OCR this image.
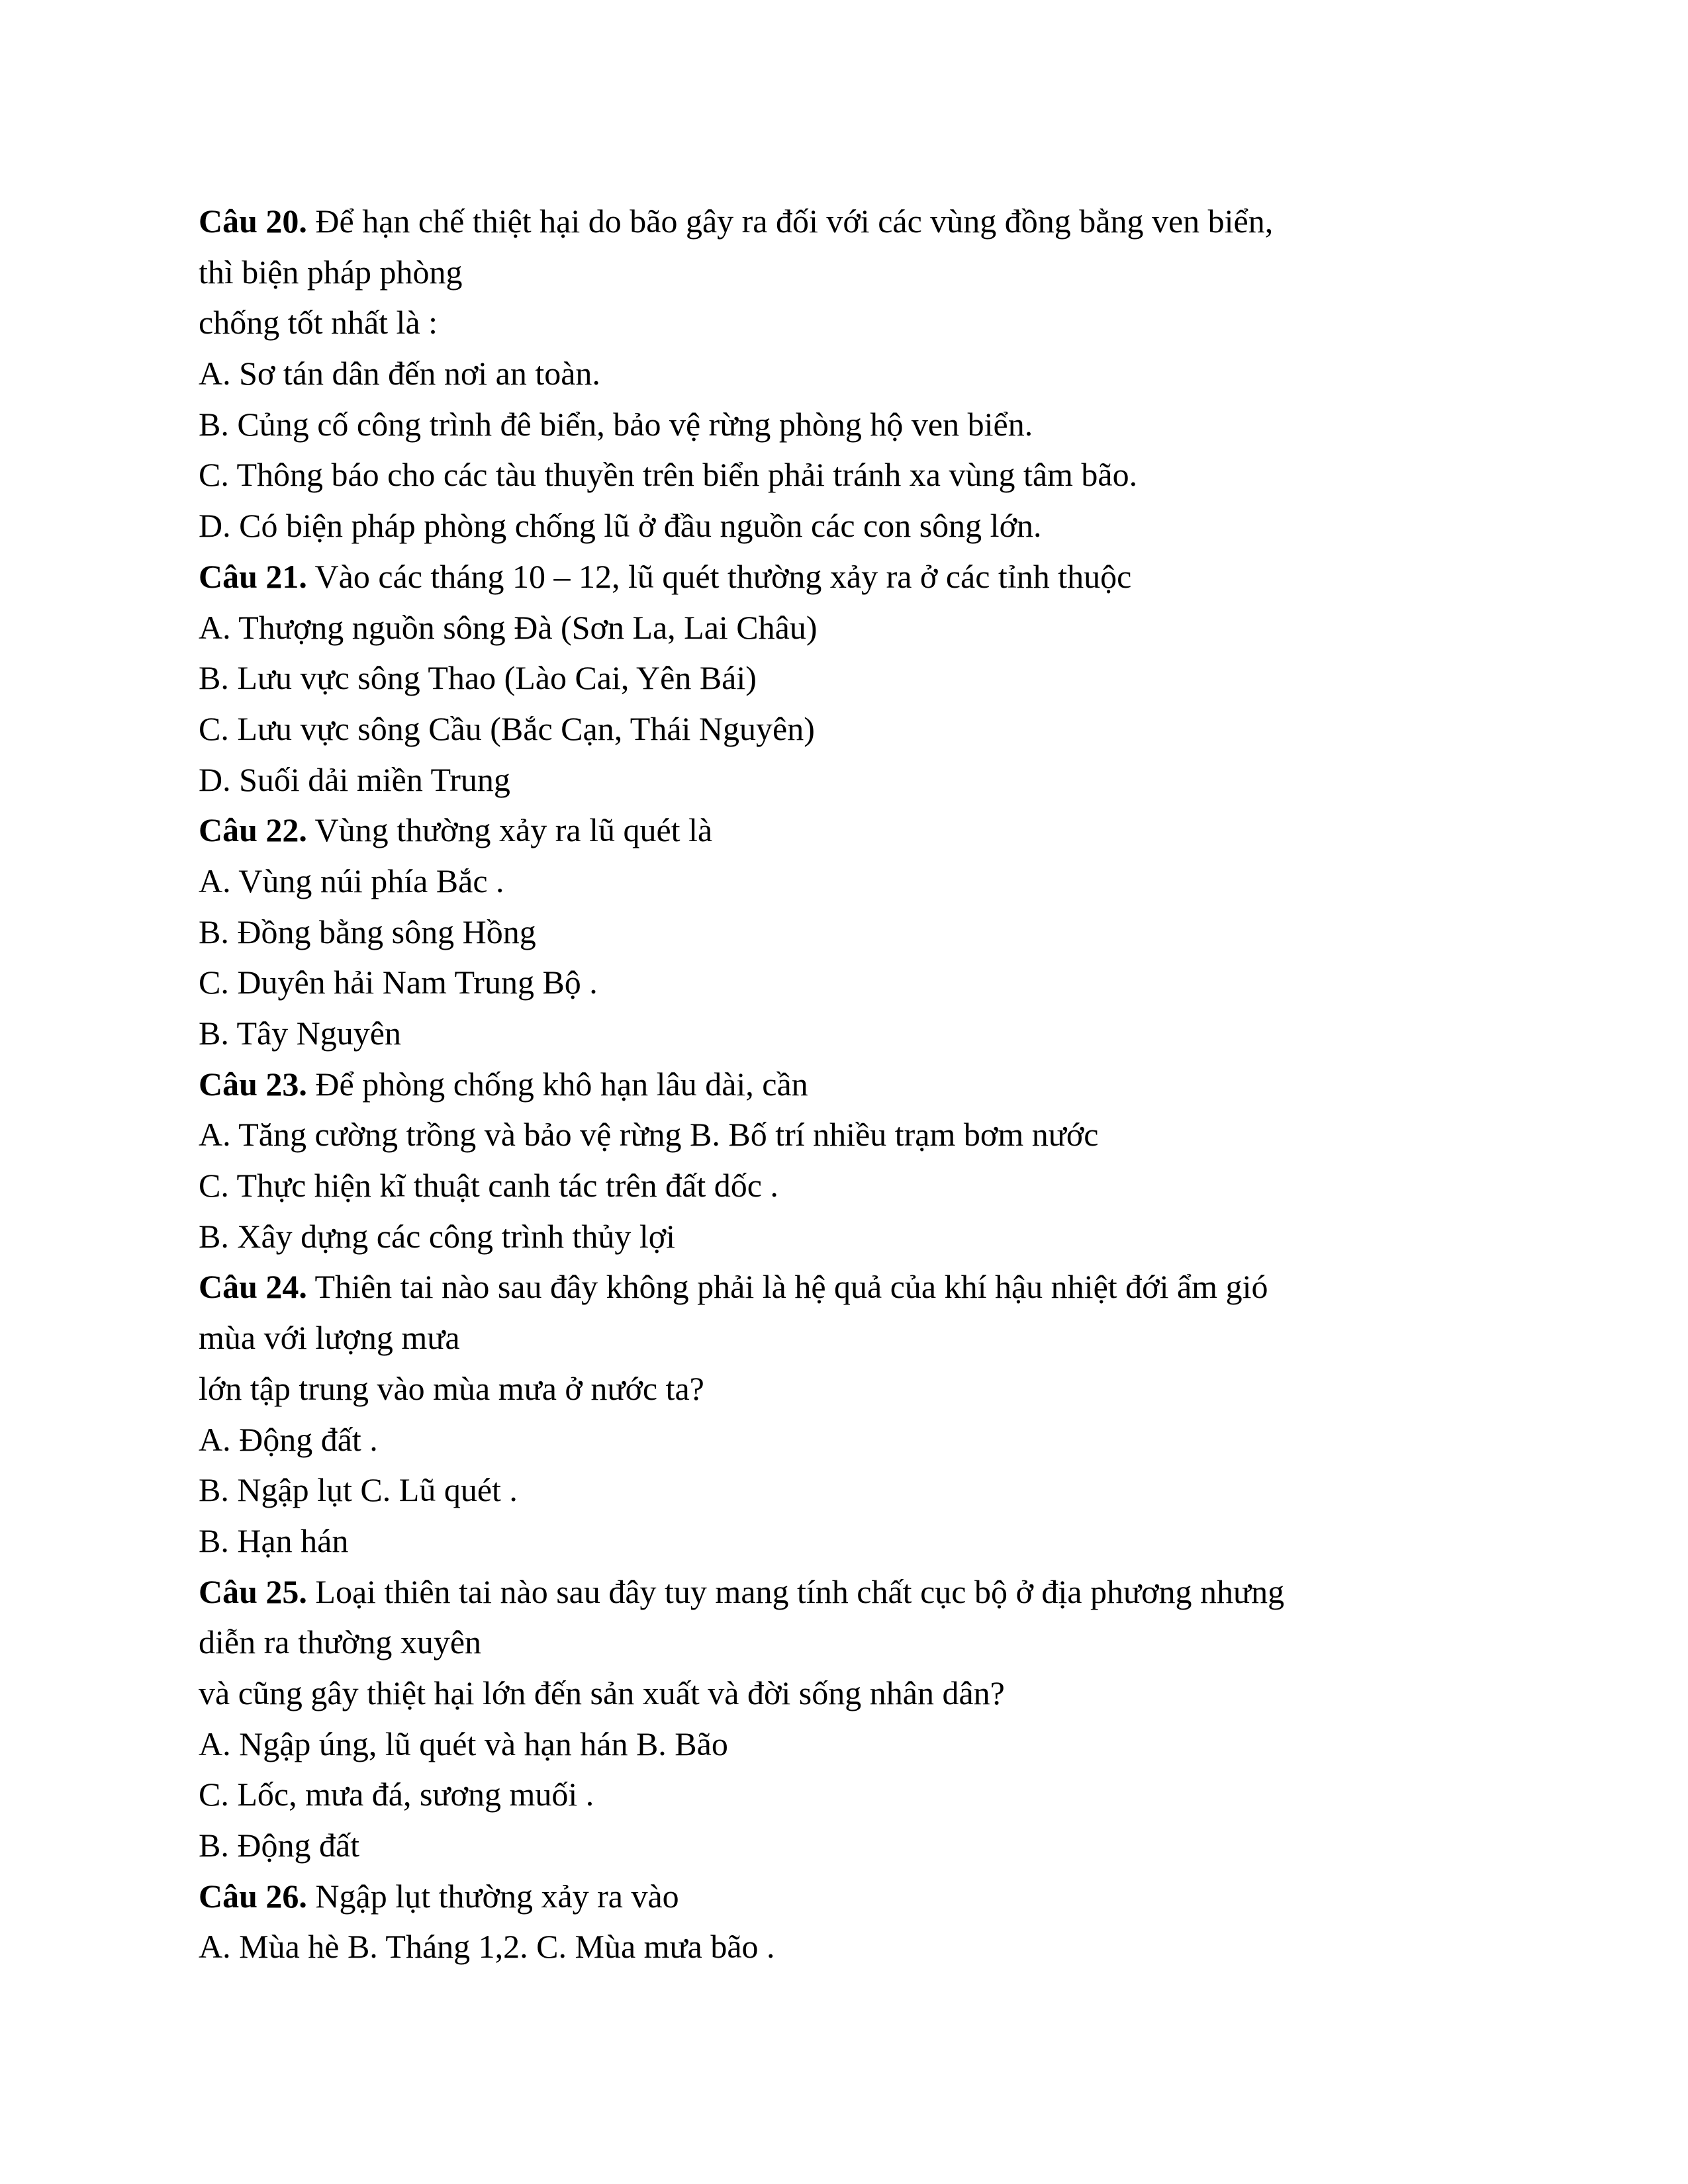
Câu 20. Để hạn chế thiệt hại do bão gây ra đối với các vùng đồng bằng ven biển,
thì biện pháp phòng
chống tốt nhất là :
A. Sơ tán dân đến nơi an toàn.
B. Củng cố công trình đê biển, bảo vệ rừng phòng hộ ven biển.
C. Thông báo cho các tàu thuyền trên biển phải tránh xa vùng tâm bão.
D. Có biện pháp phòng chống lũ ở đầu nguồn các con sông lớn.
Câu 21. Vào các tháng 10 – 12, lũ quét thường xảy ra ở các tỉnh thuộc
A. Thượng nguồn sông Đà (Sơn La, Lai Châu)
B. Lưu vực sông Thao (Lào Cai, Yên Bái)
C. Lưu vực sông Cầu (Bắc Cạn, Thái Nguyên)
D. Suối dải miền Trung
Câu 22. Vùng thường xảy ra lũ quét là
A. Vùng núi phía Bắc .
B. Đồng bằng sông Hồng
C. Duyên hải Nam Trung Bộ .
B. Tây Nguyên
Câu 23. Để phòng chống khô hạn lâu dài, cần
A. Tăng cường trồng và bảo vệ rừng B. Bố trí nhiều trạm bơm nước
C. Thực hiện kĩ thuật canh tác trên đất dốc .
B. Xây dựng các công trình thủy lợi
Câu 24. Thiên tai nào sau đây không phải là hệ quả của khí hậu nhiệt đới ẩm gió
mùa với lượng mưa
lớn tập trung vào mùa mưa ở nước ta?
A. Động đất .
B. Ngập lụt C. Lũ quét .
B. Hạn hán
Câu 25. Loại thiên tai nào sau đây tuy mang tính chất cục bộ ở địa phương nhưng
diễn ra thường xuyên
và cũng gây thiệt hại lớn đến sản xuất và đời sống nhân dân?
A. Ngập úng, lũ quét và hạn hán B. Bão
C. Lốc, mưa đá, sương muối .
B. Động đất
Câu 26. Ngập lụt thường xảy ra vào
A. Mùa hè B. Tháng 1,2. C. Mùa mưa bão .
